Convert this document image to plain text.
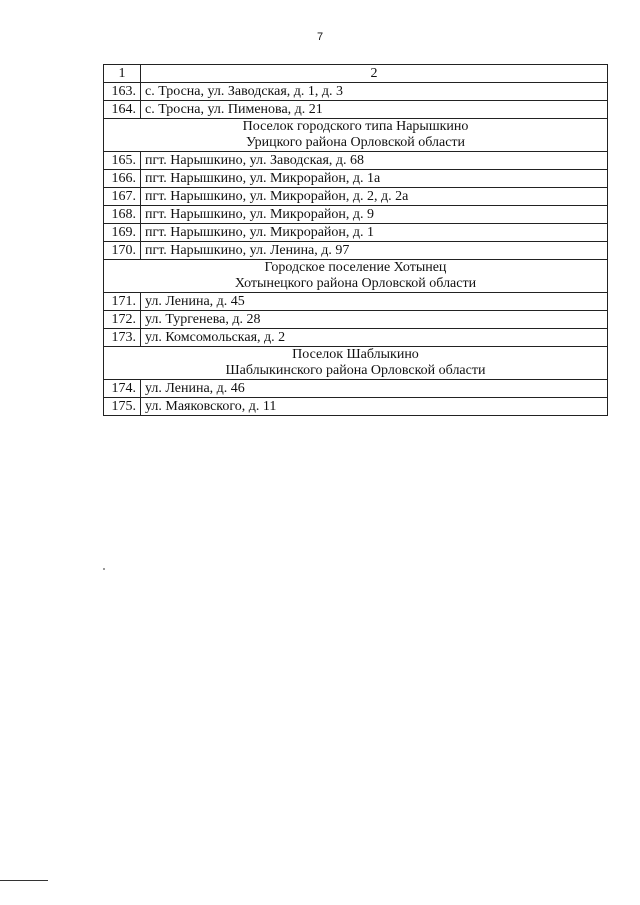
7
1	2
163.	с. Тросна, ул. Заводская, д. 1, д. 3
164.	с. Тросна, ул. Пименова, д. 21

Поселок городского типа Нарышкино
Урицкого района Орловской области	

165.	пгт. Нарышкино, ул. Заводская, д. 68
166.	пгт. Нарышкино, ул. Микрорайон, д. 1а
167.	пгт. Нарышкино, ул. Микрорайон, д. 2, д. 2а
168.	пгт. Нарышкино, ул. Микрорайон, д. 9
169.	пгт. Нарышкино, ул. Микрорайон, д. 1
170.	пгт. Нарышкино, ул. Ленина, д. 97

Городское поселение Хотынец
Хотынецкого района Орловской области	

171.	ул. Ленина, д. 45
172.	ул. Тургенева, д. 28
173.	ул. Комсомольская, д. 2

Поселок Шаблыкино
Шаблыкинского района Орловской области	

174.	ул. Ленина, д. 46
175.	ул. Маяковского, д. 11
